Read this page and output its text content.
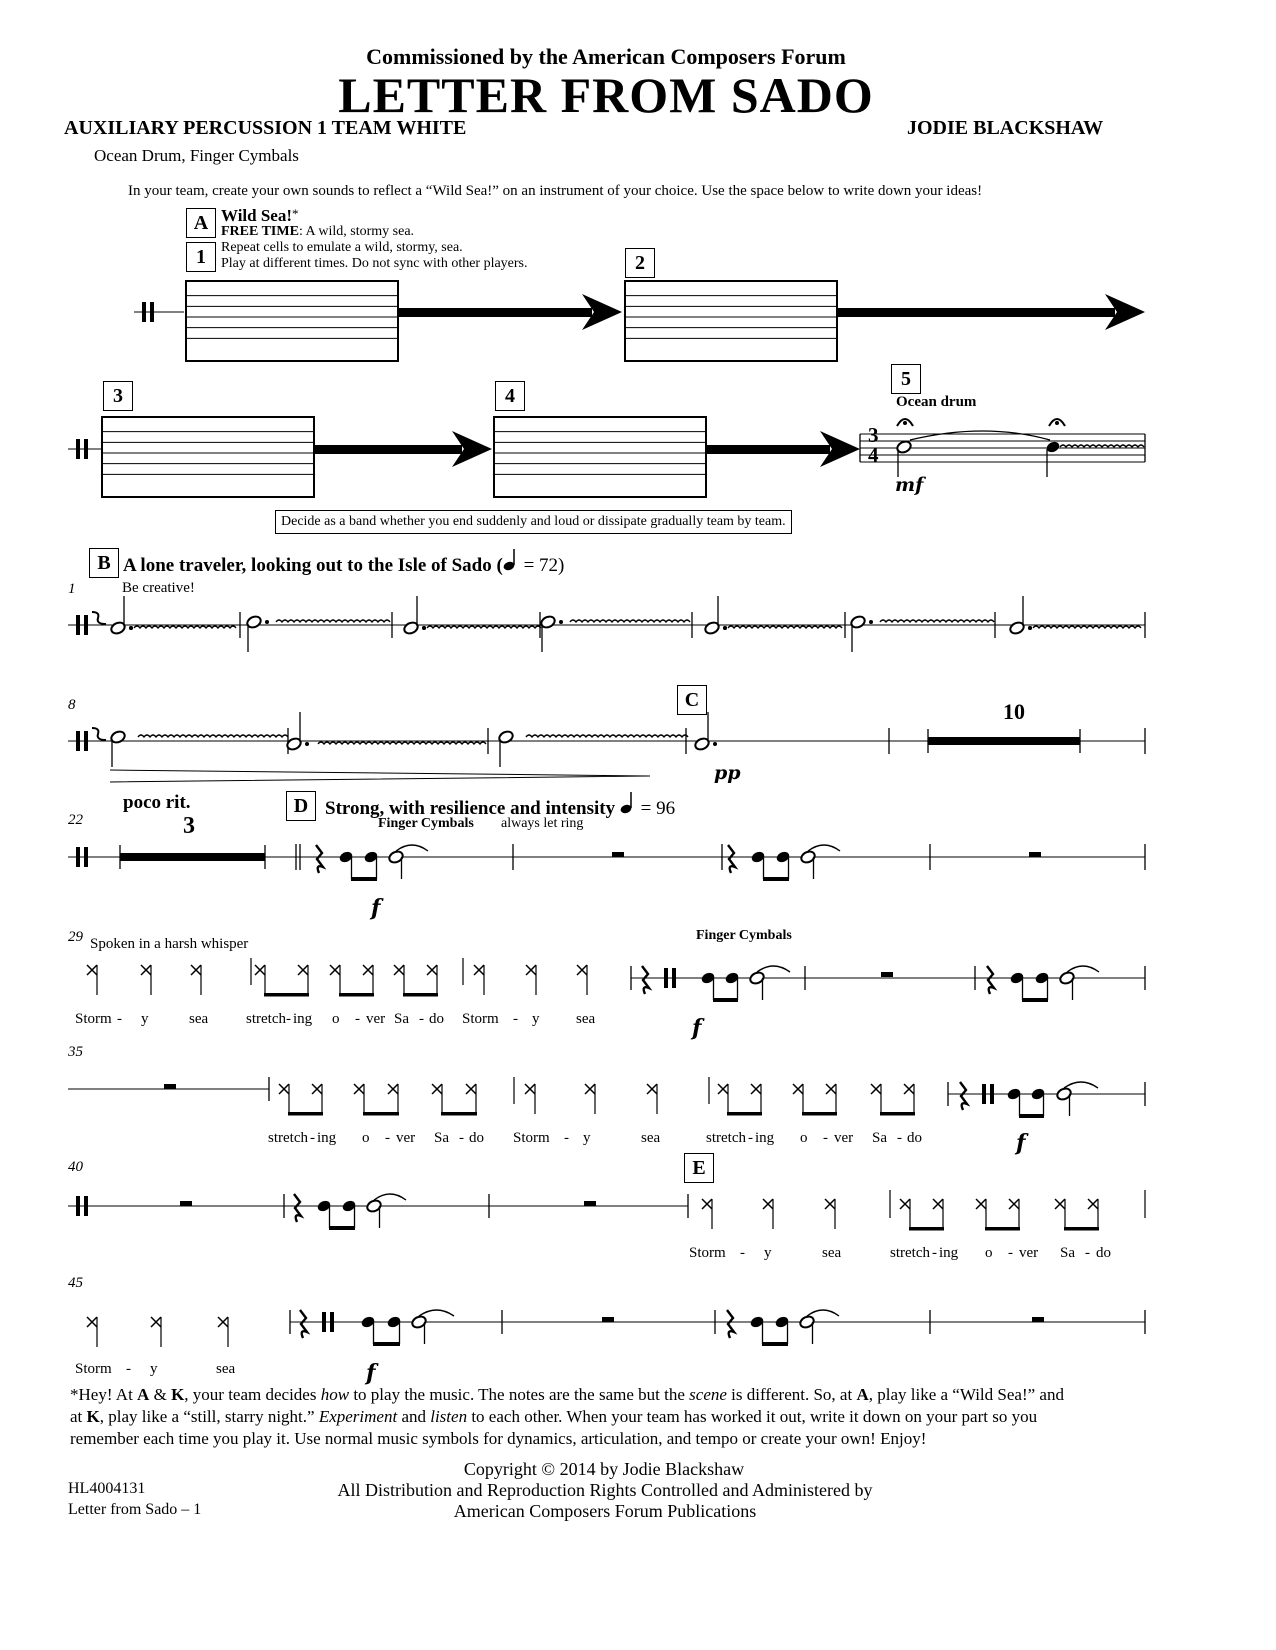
Commissioned by the American Composers Forum
LETTER FROM SADO
AUXILIARY PERCUSSION 1 TEAM WHITE	JODIE BLACKSHAW
Ocean Drum, Finger Cymbals
In your team, create your own sounds to reflect a “Wild Sea!” on an instrument of your choice. Use the space below to write down your ideas!
A
1
Wild Sea!*
FREE TIME: A wild, stormy sea.
Repeat cells to emulate a wild, stormy, sea.
Play at different times. Do not sync with other players.	2
3	4
5
Ocean drum
3
4
mf
Decide as a band whether you end suddenly and loud or dissipate gradually team by team.
B A lone traveler, looking out to the Isle of Sado ( = 72)
1	Be creative!
8	C
pp
10
poco rit.
22	3
D Strong, with resilience and intensity  = 96
Finger Cymbals always let ring
f
29 Spoken in a harsh whisper
Finger Cymbals
f
Storm - y	sea	stretch - ing o - ver Sa - do Storm - y sea
35
f
stretch - ing o - ver Sa - do Storm - y	sea	stretch - ing o - ver Sa - do
40	E
Storm - y	sea	stretch - ing o - ver Sa - do
45
f
Storm - y	sea
*Hey! At A & K, your team decides how to play the music. The notes are the same but the scene is different. So, at A, play like a “Wild Sea!” and
at K, play like a “still, starry night.” Experiment and listen to each other. When your team has worked it out, write it down on your part so you
remember each time you play it. Use normal music symbols for dynamics, articulation, and tempo or create your own! Enjoy!
HL4004131
Letter from Sado – 1
Copyright © 2014 by Jodie Blackshaw
All Distribution and Reproduction Rights Controlled and Administered by
American Composers Forum Publications
